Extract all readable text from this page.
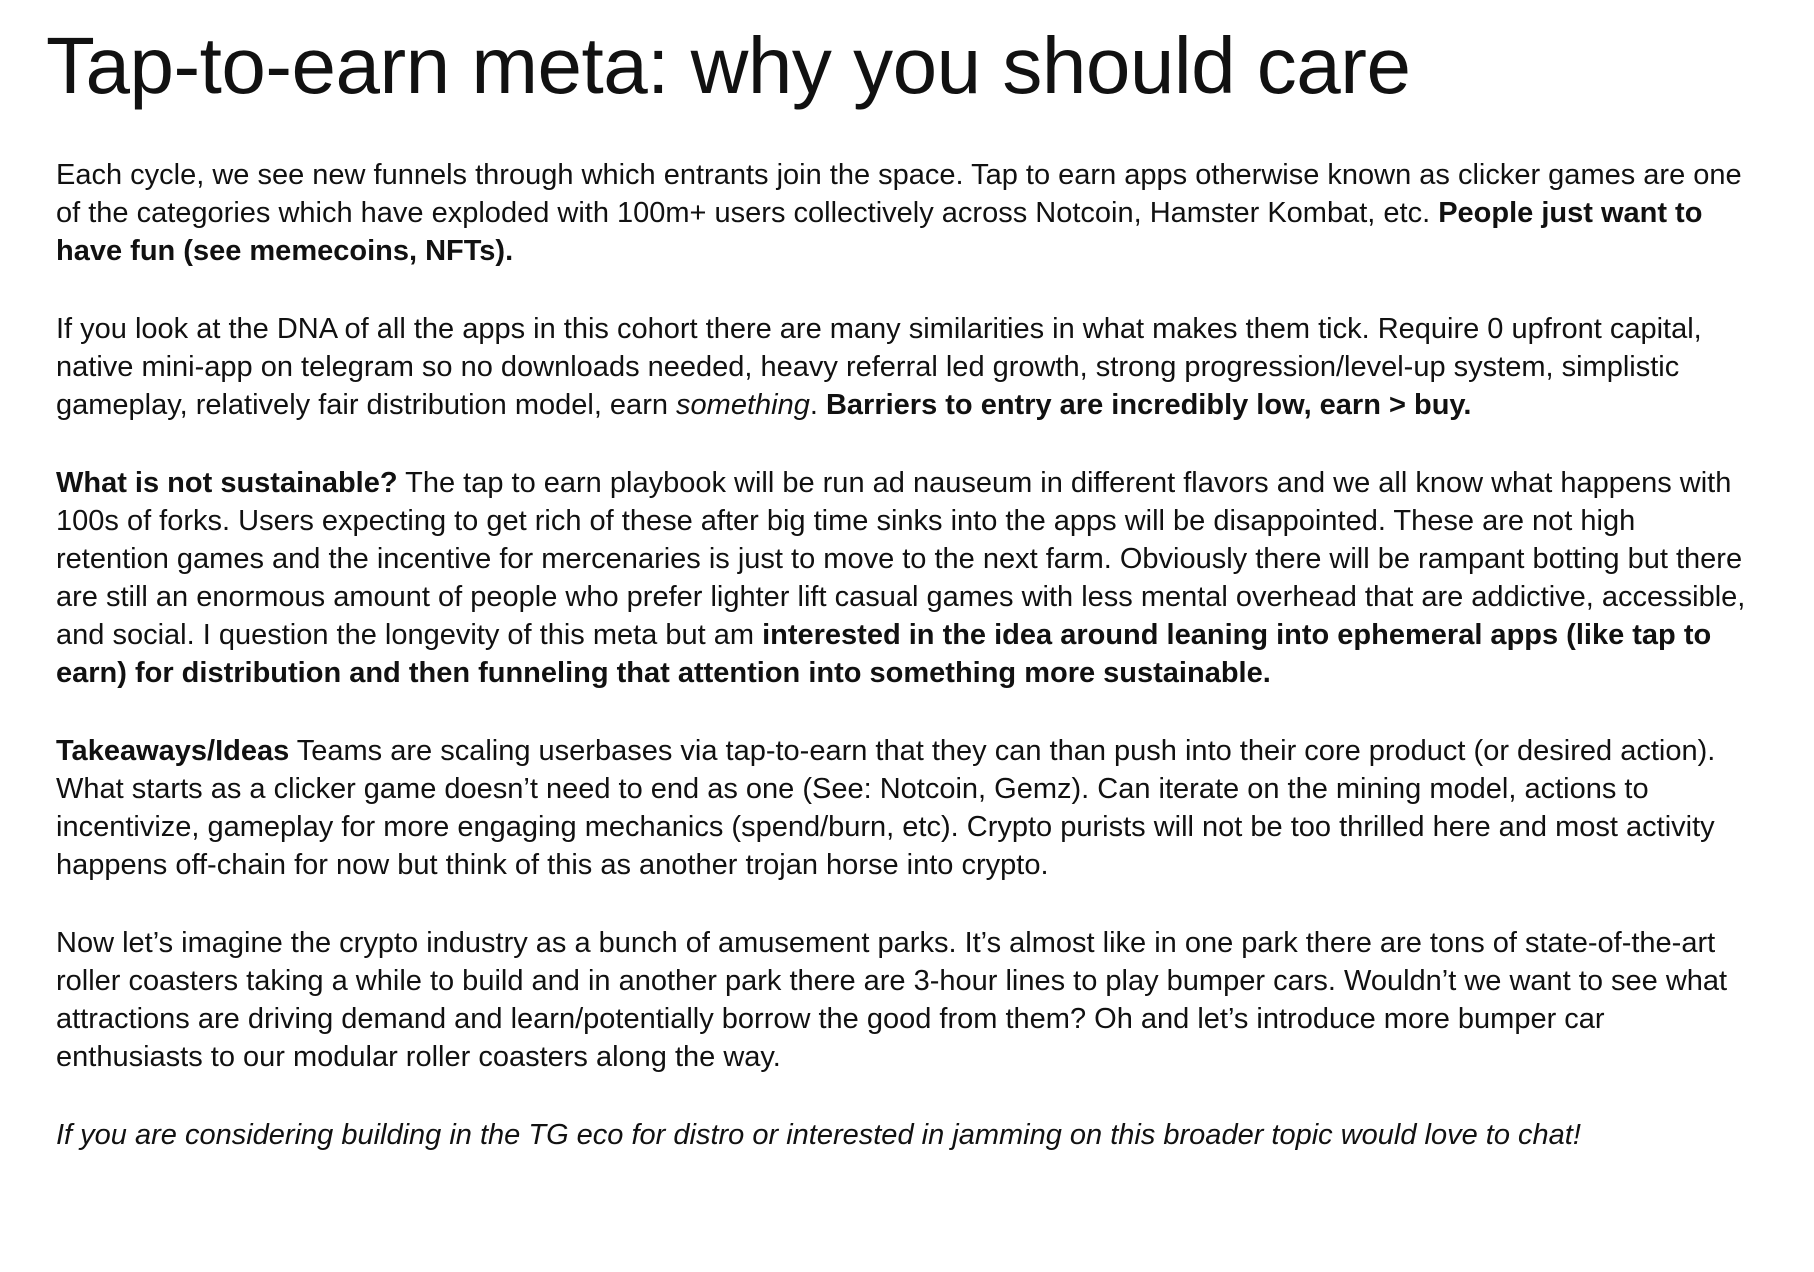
Tap-to-earn meta: why you should care

Each cycle, we see new funnels through which entrants join the space. Tap to earn apps otherwise known as clicker games are one of the categories which have exploded with 100m+ users collectively across Notcoin, Hamster Kombat, etc. People just want to have fun (see memecoins, NFTs).

If you look at the DNA of all the apps in this cohort there are many similarities in what makes them tick. Require 0 upfront capital, native mini-app on telegram so no downloads needed, heavy referral led growth, strong progression/level-up system, simplistic gameplay, relatively fair distribution model, earn something. Barriers to entry are incredibly low, earn > buy.

What is not sustainable? The tap to earn playbook will be run ad nauseum in different flavors and we all know what happens with 100s of forks. Users expecting to get rich of these after big time sinks into the apps will be disappointed. These are not high retention games and the incentive for mercenaries is just to move to the next farm. Obviously there will be rampant botting but there are still an enormous amount of people who prefer lighter lift casual games with less mental overhead that are addictive, accessible, and social. I question the longevity of this meta but am interested in the idea around leaning into ephemeral apps (like tap to earn) for distribution and then funneling that attention into something more sustainable.

Takeaways/Ideas Teams are scaling userbases via tap-to-earn that they can than push into their core product (or desired action). What starts as a clicker game doesn’t need to end as one (See: Notcoin, Gemz). Can iterate on the mining model, actions to incentivize, gameplay for more engaging mechanics (spend/burn, etc). Crypto purists will not be too thrilled here and most activity happens off-chain for now but think of this as another trojan horse into crypto.

Now let’s imagine the crypto industry as a bunch of amusement parks. It’s almost like in one park there are tons of state-of-the-art roller coasters taking a while to build and in another park there are 3-hour lines to play bumper cars. Wouldn’t we want to see what attractions are driving demand and learn/potentially borrow the good from them? Oh and let’s introduce more bumper car enthusiasts to our modular roller coasters along the way.

If you are considering building in the TG eco for distro or interested in jamming on this broader topic would love to chat!
